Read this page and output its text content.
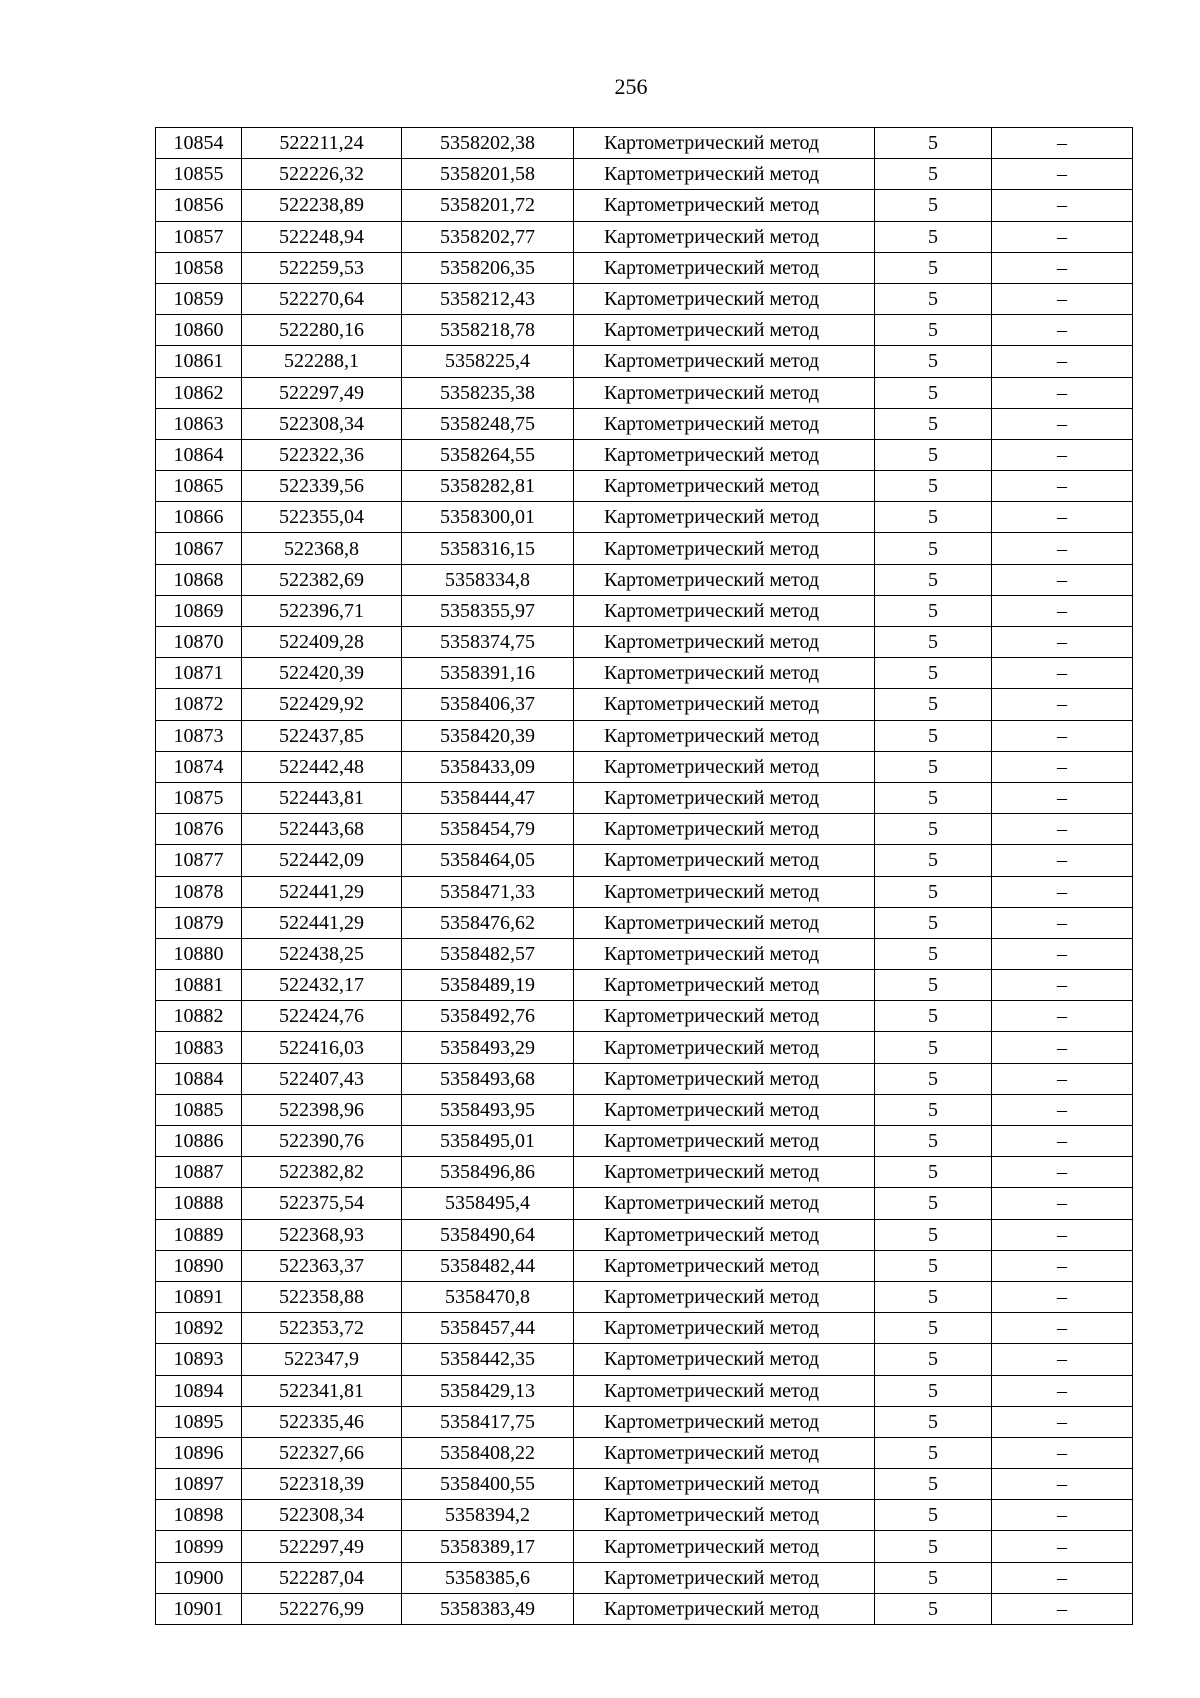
256
10854	522211,24	5358202,38	Картометрический метод	5	–
10855	522226,32	5358201,58	Картометрический метод	5	–
10856	522238,89	5358201,72	Картометрический метод	5	–
10857	522248,94	5358202,77	Картометрический метод	5	–
10858	522259,53	5358206,35	Картометрический метод	5	–
10859	522270,64	5358212,43	Картометрический метод	5	–
10860	522280,16	5358218,78	Картометрический метод	5	–
10861	522288,1	5358225,4	Картометрический метод	5	–
10862	522297,49	5358235,38	Картометрический метод	5	–
10863	522308,34	5358248,75	Картометрический метод	5	–
10864	522322,36	5358264,55	Картометрический метод	5	–
10865	522339,56	5358282,81	Картометрический метод	5	–
10866	522355,04	5358300,01	Картометрический метод	5	–
10867	522368,8	5358316,15	Картометрический метод	5	–
10868	522382,69	5358334,8	Картометрический метод	5	–
10869	522396,71	5358355,97	Картометрический метод	5	–
10870	522409,28	5358374,75	Картометрический метод	5	–
10871	522420,39	5358391,16	Картометрический метод	5	–
10872	522429,92	5358406,37	Картометрический метод	5	–
10873	522437,85	5358420,39	Картометрический метод	5	–
10874	522442,48	5358433,09	Картометрический метод	5	–
10875	522443,81	5358444,47	Картометрический метод	5	–
10876	522443,68	5358454,79	Картометрический метод	5	–
10877	522442,09	5358464,05	Картометрический метод	5	–
10878	522441,29	5358471,33	Картометрический метод	5	–
10879	522441,29	5358476,62	Картометрический метод	5	–
10880	522438,25	5358482,57	Картометрический метод	5	–
10881	522432,17	5358489,19	Картометрический метод	5	–
10882	522424,76	5358492,76	Картометрический метод	5	–
10883	522416,03	5358493,29	Картометрический метод	5	–
10884	522407,43	5358493,68	Картометрический метод	5	–
10885	522398,96	5358493,95	Картометрический метод	5	–
10886	522390,76	5358495,01	Картометрический метод	5	–
10887	522382,82	5358496,86	Картометрический метод	5	–
10888	522375,54	5358495,4	Картометрический метод	5	–
10889	522368,93	5358490,64	Картометрический метод	5	–
10890	522363,37	5358482,44	Картометрический метод	5	–
10891	522358,88	5358470,8	Картометрический метод	5	–
10892	522353,72	5358457,44	Картометрический метод	5	–
10893	522347,9	5358442,35	Картометрический метод	5	–
10894	522341,81	5358429,13	Картометрический метод	5	–
10895	522335,46	5358417,75	Картометрический метод	5	–
10896	522327,66	5358408,22	Картометрический метод	5	–
10897	522318,39	5358400,55	Картометрический метод	5	–
10898	522308,34	5358394,2	Картометрический метод	5	–
10899	522297,49	5358389,17	Картометрический метод	5	–
10900	522287,04	5358385,6	Картометрический метод	5	–
10901	522276,99	5358383,49	Картометрический метод	5	–
